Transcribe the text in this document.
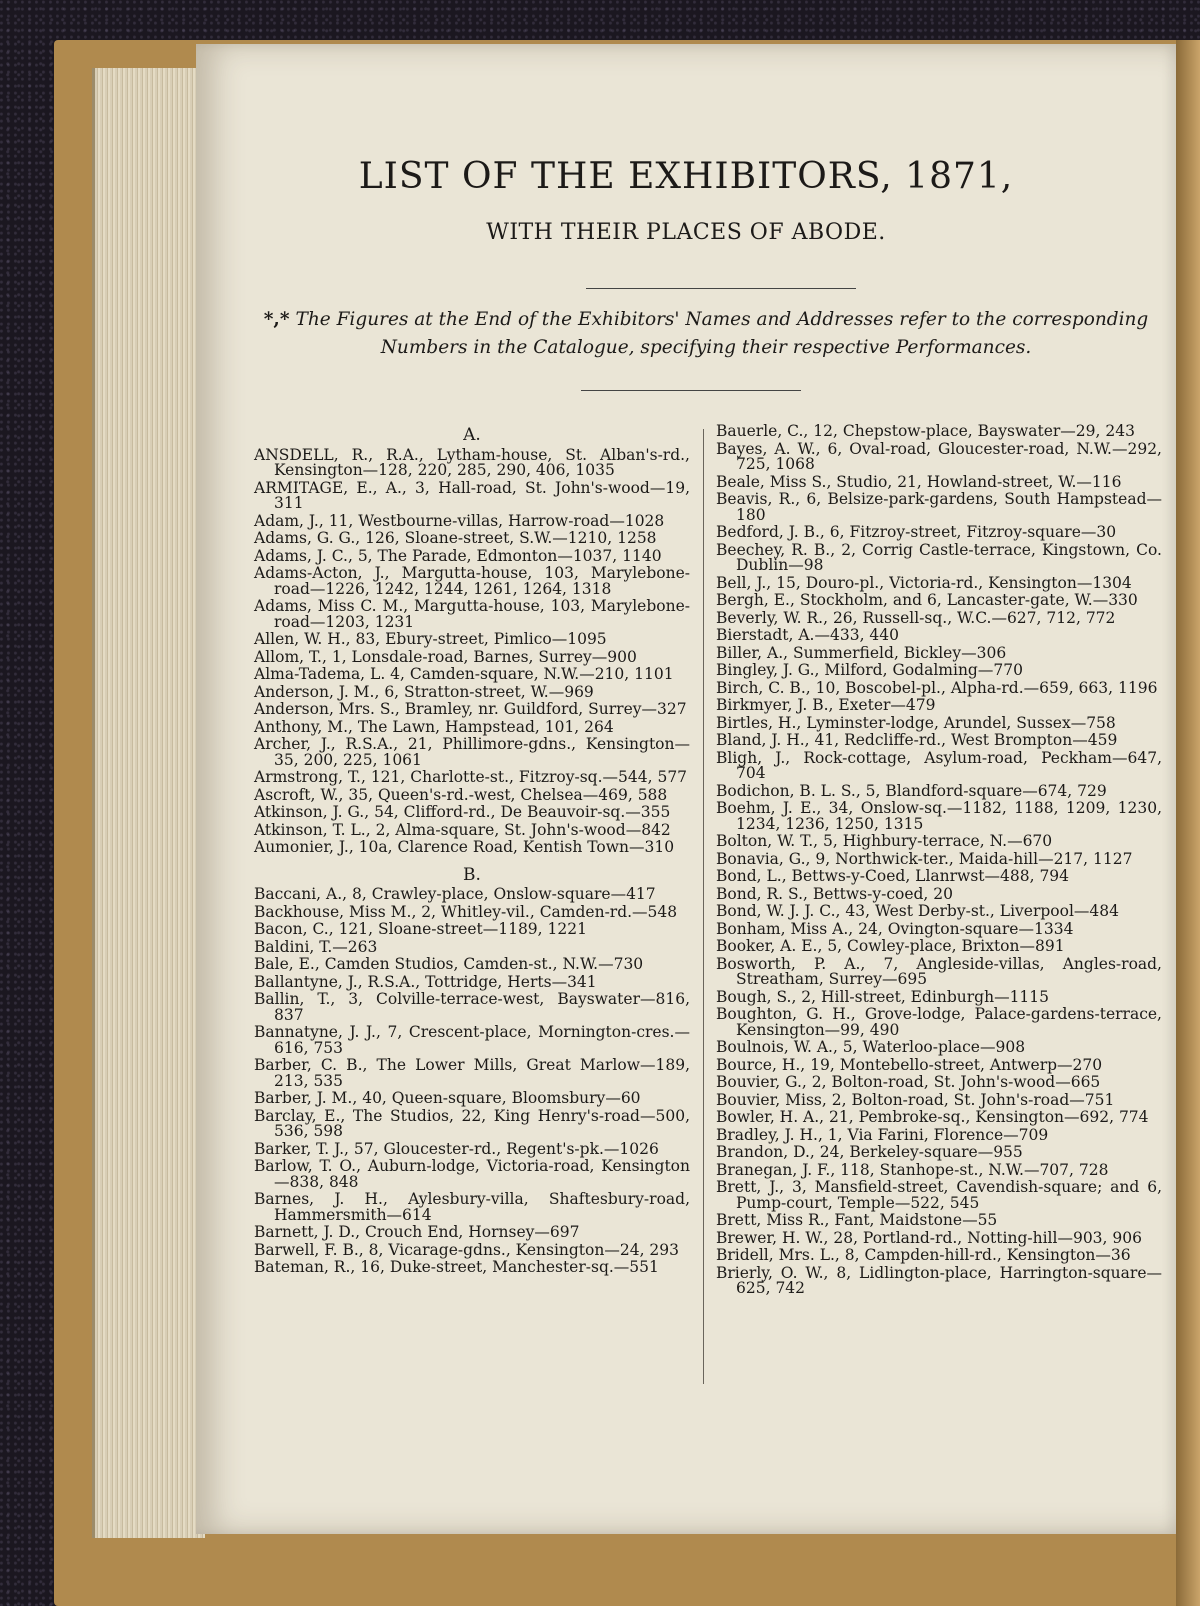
LIST OF THE EXHIBITORS, 1871,
WITH THEIR PLACES OF ABODE.
*,* The Figures at the End of the Exhibitors' Names and Addresses refer to the corresponding Numbers in the Catalogue, specifying their respective Performances.
A.
ANSDELL, R., R.A., Lytham-house, St. Alban's-rd., Kensington—128, 220, 285, 290, 406, 1035
ARMITAGE, E., A., 3, Hall-road, St. John's-wood—19, 311
Adam, J., 11, Westbourne-villas, Harrow-road—1028
Adams, G. G., 126, Sloane-street, S.W.—1210, 1258
Adams, J. C., 5, The Parade, Edmonton—1037, 1140
Adams-Acton, J., Margutta-house, 103, Marylebone-road—1226, 1242, 1244, 1261, 1264, 1318
Adams, Miss C. M., Margutta-house, 103, Marylebone-road—1203, 1231
Allen, W. H., 83, Ebury-street, Pimlico—1095
Allom, T., 1, Lonsdale-road, Barnes, Surrey—900
Alma-Tadema, L. 4, Camden-square, N.W.—210, 1101
Anderson, J. M., 6, Stratton-street, W.—969
Anderson, Mrs. S., Bramley, nr. Guildford, Surrey—327
Anthony, M., The Lawn, Hampstead, 101, 264
Archer, J., R.S.A., 21, Phillimore-gdns., Kensington—35, 200, 225, 1061
Armstrong, T., 121, Charlotte-st., Fitzroy-sq.—544, 577
Ascroft, W., 35, Queen's-rd.-west, Chelsea—469, 588
Atkinson, J. G., 54, Clifford-rd., De Beauvoir-sq.—355
Atkinson, T. L., 2, Alma-square, St. John's-wood—842
Aumonier, J., 10a, Clarence Road, Kentish Town—310
B.
Baccani, A., 8, Crawley-place, Onslow-square—417
Backhouse, Miss M., 2, Whitley-vil., Camden-rd.—548
Bacon, C., 121, Sloane-street—1189, 1221
Baldini, T.—263
Bale, E., Camden Studios, Camden-st., N.W.—730
Ballantyne, J., R.S.A., Tottridge, Herts—341
Ballin, T., 3, Colville-terrace-west, Bayswater—816, 837
Bannatyne, J. J., 7, Crescent-place, Mornington-cres.—616, 753
Barber, C. B., The Lower Mills, Great Marlow—189, 213, 535
Barber, J. M., 40, Queen-square, Bloomsbury—60
Barclay, E., The Studios, 22, King Henry's-road—500, 536, 598
Barker, T. J., 57, Gloucester-rd., Regent's-pk.—1026
Barlow, T. O., Auburn-lodge, Victoria-road, Kensington—838, 848
Barnes, J. H., Aylesbury-villa, Shaftesbury-road, Hammersmith—614
Barnett, J. D., Crouch End, Hornsey—697
Barwell, F. B., 8, Vicarage-gdns., Kensington—24, 293
Bateman, R., 16, Duke-street, Manchester-sq.—551
Bauerle, C., 12, Chepstow-place, Bayswater—29, 243
Bayes, A. W., 6, Oval-road, Gloucester-road, N.W.—292, 725, 1068
Beale, Miss S., Studio, 21, Howland-street, W.—116
Beavis, R., 6, Belsize-park-gardens, South Hampstead—180
Bedford, J. B., 6, Fitzroy-street, Fitzroy-square—30
Beechey, R. B., 2, Corrig Castle-terrace, Kingstown, Co. Dublin—98
Bell, J., 15, Douro-pl., Victoria-rd., Kensington—1304
Bergh, E., Stockholm, and 6, Lancaster-gate, W.—330
Beverly, W. R., 26, Russell-sq., W.C.—627, 712, 772
Bierstadt, A.—433, 440
Biller, A., Summerfield, Bickley—306
Bingley, J. G., Milford, Godalming—770
Birch, C. B., 10, Boscobel-pl., Alpha-rd.—659, 663, 1196
Birkmyer, J. B., Exeter—479
Birtles, H., Lyminster-lodge, Arundel, Sussex—758
Bland, J. H., 41, Redcliffe-rd., West Brompton—459
Bligh, J., Rock-cottage, Asylum-road, Peckham—647, 704
Bodichon, B. L. S., 5, Blandford-square—674, 729
Boehm, J. E., 34, Onslow-sq.—1182, 1188, 1209, 1230, 1234, 1236, 1250, 1315
Bolton, W. T., 5, Highbury-terrace, N.—670
Bonavia, G., 9, Northwick-ter., Maida-hill—217, 1127
Bond, L., Bettws-y-Coed, Llanrwst—488, 794
Bond, R. S., Bettws-y-coed, 20
Bond, W. J. J. C., 43, West Derby-st., Liverpool—484
Bonham, Miss A., 24, Ovington-square—1334
Booker, A. E., 5, Cowley-place, Brixton—891
Bosworth, P. A., 7, Angleside-villas, Angles-road, Streatham, Surrey—695
Bough, S., 2, Hill-street, Edinburgh—1115
Boughton, G. H., Grove-lodge, Palace-gardens-terrace, Kensington—99, 490
Boulnois, W. A., 5, Waterloo-place—908
Bource, H., 19, Montebello-street, Antwerp—270
Bouvier, G., 2, Bolton-road, St. John's-wood—665
Bouvier, Miss, 2, Bolton-road, St. John's-road—751
Bowler, H. A., 21, Pembroke-sq., Kensington—692, 774
Bradley, J. H., 1, Via Farini, Florence—709
Brandon, D., 24, Berkeley-square—955
Branegan, J. F., 118, Stanhope-st., N.W.—707, 728
Brett, J., 3, Mansfield-street, Cavendish-square; and 6, Pump-court, Temple—522, 545
Brett, Miss R., Fant, Maidstone—55
Brewer, H. W., 28, Portland-rd., Notting-hill—903, 906
Bridell, Mrs. L., 8, Campden-hill-rd., Kensington—36
Brierly, O. W., 8, Lidlington-place, Harrington-square—625, 742
